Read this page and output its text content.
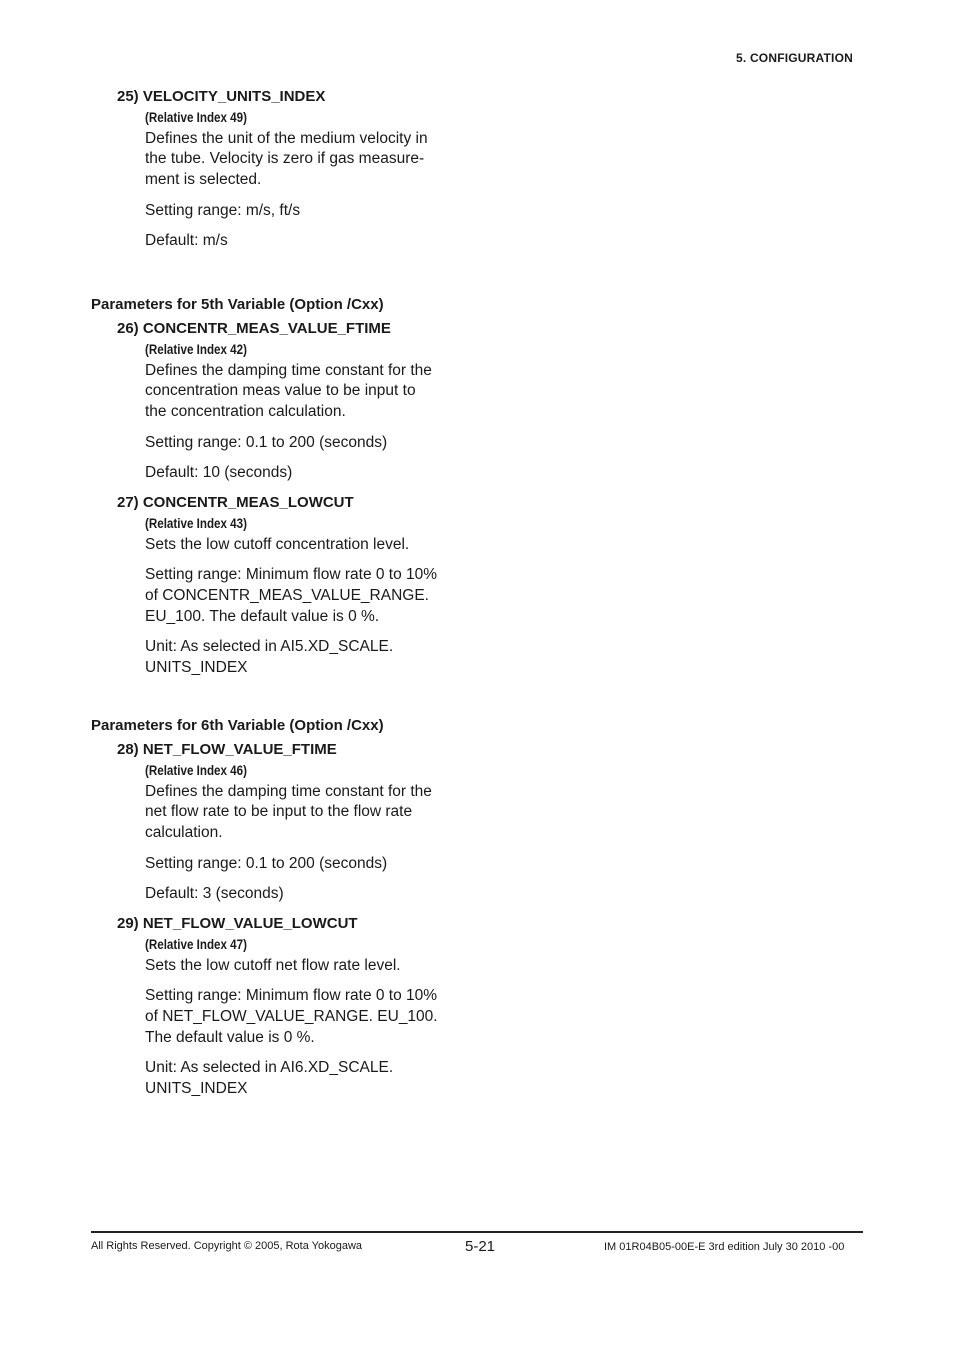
5. CONFIGURATION
25) VELOCITY_UNITS_INDEX
(Relative Index 49)
Defines the unit of the medium velocity in
the tube. Velocity is zero if gas measure-
ment is selected.
Setting range: m/s, ft/s
Default: m/s
Parameters for 5th Variable (Option /Cxx)
26) CONCENTR_MEAS_VALUE_FTIME
(Relative Index 42)
Defines the damping time constant for the
concentration meas value to be input to
the concentration calculation.
Setting range: 0.1 to 200 (seconds)
Default: 10 (seconds)
27) CONCENTR_MEAS_LOWCUT
(Relative Index 43)
Sets the low cutoff concentration level.
Setting range: Minimum flow rate 0 to 10%
of CONCENTR_MEAS_VALUE_RANGE.
EU_100. The default value is 0 %.
Unit: As selected in AI5.XD_SCALE.
UNITS_INDEX
Parameters for 6th Variable (Option /Cxx)
28) NET_FLOW_VALUE_FTIME
(Relative Index 46)
Defines the damping time constant for the
net flow rate to be input to the flow rate
calculation.
Setting range: 0.1 to 200 (seconds)
Default: 3 (seconds)
29) NET_FLOW_VALUE_LOWCUT
(Relative Index 47)
Sets the low cutoff net flow rate level.
Setting range: Minimum flow rate 0 to 10%
of NET_FLOW_VALUE_RANGE. EU_100.
The default value is 0 %.
Unit: As selected in AI6.XD_SCALE.
UNITS_INDEX
All Rights Reserved. Copyright © 2005, Rota Yokogawa	5-21	IM 01R04B05-00E-E 3rd edition July 30 2010 -00
